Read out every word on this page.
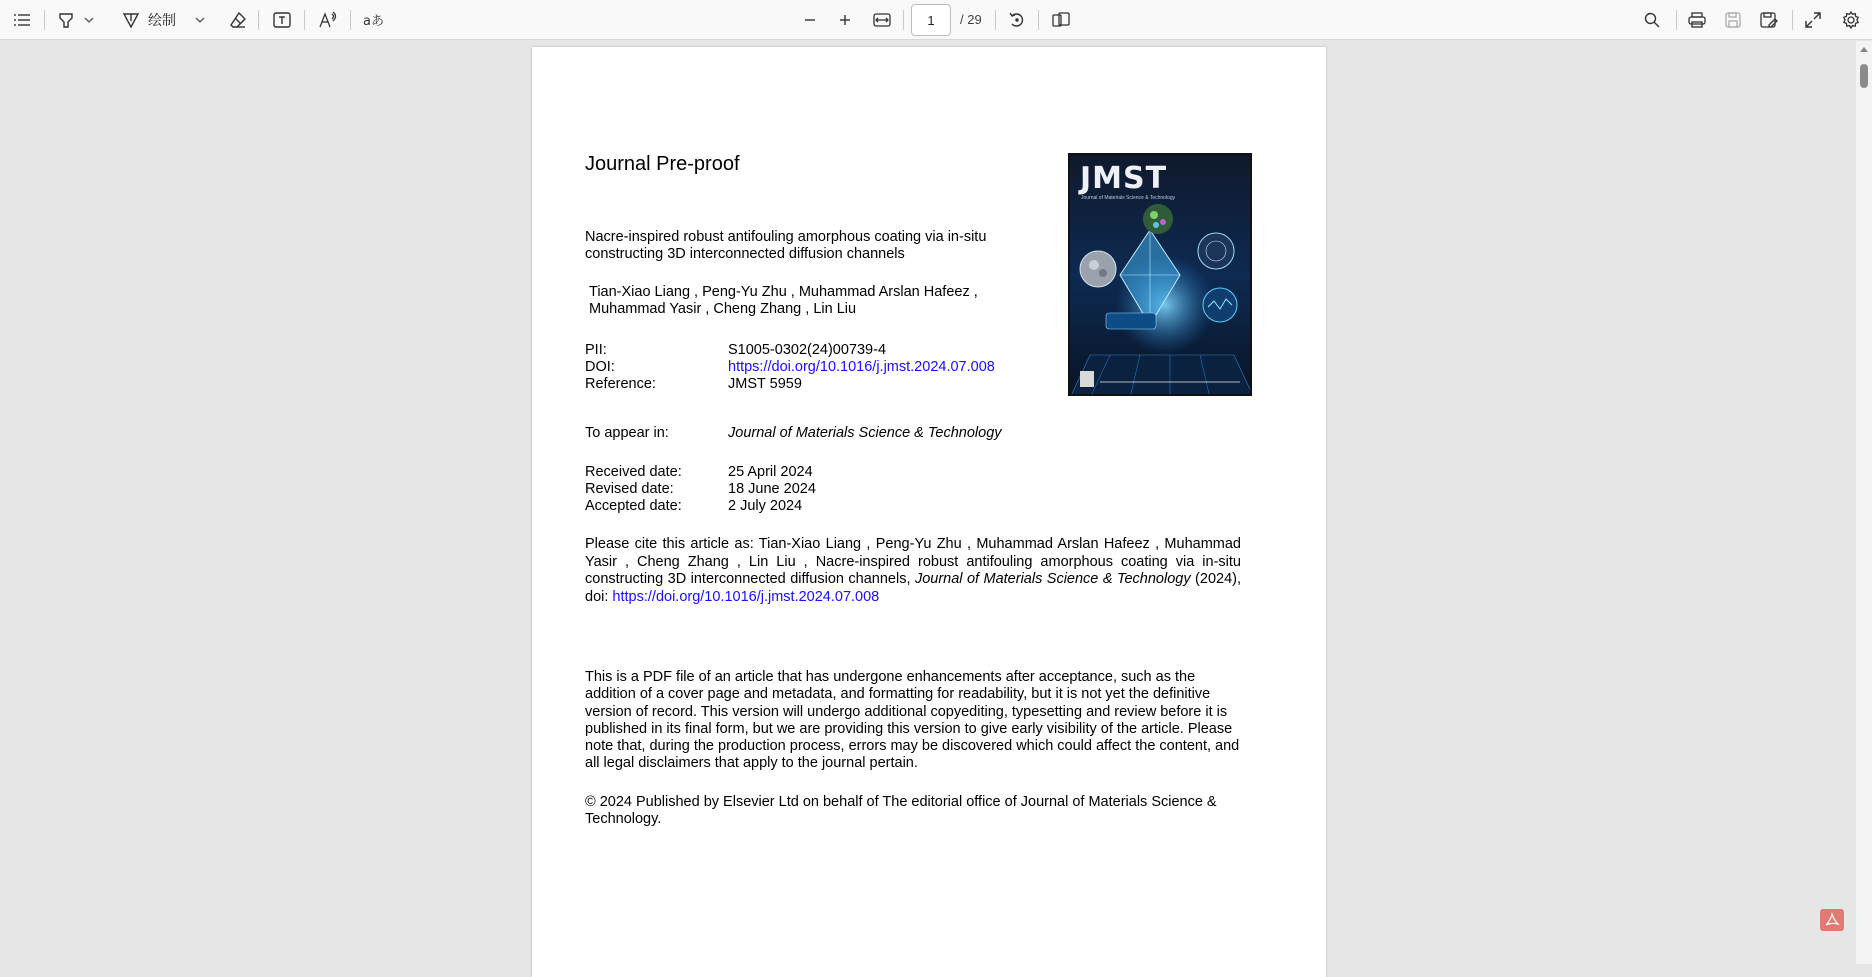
绘制	aあ
1	/ 29
Journal Pre-proof
Nacre-inspired robust antifouling amorphous coating via in-situ constructing 3D interconnected diffusion channels
Tian-Xiao Liang , Peng-Yu Zhu , Muhammad Arslan Hafeez , Muhammad Yasir , Cheng Zhang , Lin Liu
PII:	S1005-0302(24)00739-4
DOI:	https://doi.org/10.1016/j.jmst.2024.07.008
Reference:	JMST 5959
To appear in:	Journal of Materials Science & Technology
Received date:	25 April 2024
Revised date:	18 June 2024
Accepted date:	2 July 2024
Please cite this article as: Tian-Xiao Liang , Peng-Yu Zhu , Muhammad Arslan Hafeez , Muhammad Yasir , Cheng Zhang , Lin Liu , Nacre-inspired robust antifouling amorphous coating via in-situ constructing 3D interconnected diffusion channels, Journal of Materials Science & Technology (2024), doi: https://doi.org/10.1016/j.jmst.2024.07.008
This is a PDF file of an article that has undergone enhancements after acceptance, such as the addition of a cover page and metadata, and formatting for readability, but it is not yet the definitive version of record. This version will undergo additional copyediting, typesetting and review before it is published in its final form, but we are providing this version to give early visibility of the article. Please note that, during the production process, errors may be discovered which could affect the content, and all legal disclaimers that apply to the journal pertain.
© 2024 Published by Elsevier Ltd on behalf of The editorial office of Journal of Materials Science & Technology.
JMST
Journal of Materials Science & Technology
